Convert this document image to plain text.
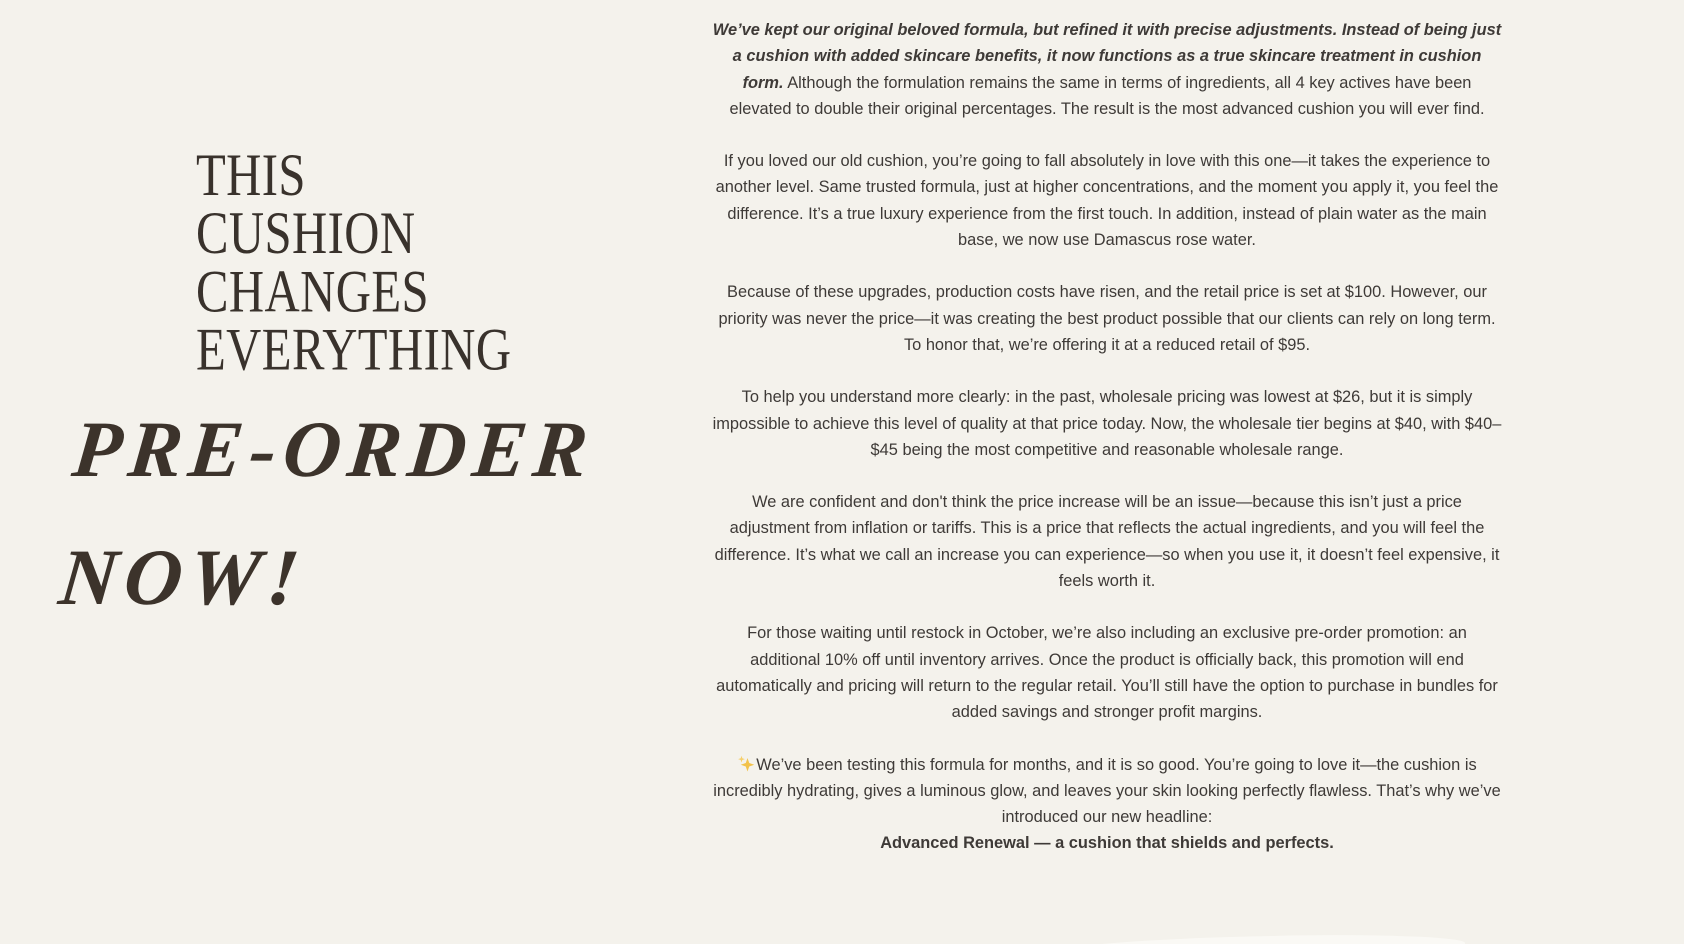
THIS
CUSHION
CHANGES
EVERYTHING
PRE-ORDER
NOW!

We’ve kept our original beloved formula, but refined it with precise adjustments. Instead of being just a cushion with added skincare benefits, it now functions as a true skincare treatment in cushion form. Although the formulation remains the same in terms of ingredients, all 4 key actives have been elevated to double their original percentages. The result is the most advanced cushion you will ever find.

If you loved our old cushion, you’re going to fall absolutely in love with this one—it takes the experience to another level. Same trusted formula, just at higher concentrations, and the moment you apply it, you feel the difference. It’s a true luxury experience from the first touch. In addition, instead of plain water as the main base, we now use Damascus rose water.

Because of these upgrades, production costs have risen, and the retail price is set at $100. However, our priority was never the price—it was creating the best product possible that our clients can rely on long term. To honor that, we’re offering it at a reduced retail of $95.

To help you understand more clearly: in the past, wholesale pricing was lowest at $26, but it is simply impossible to achieve this level of quality at that price today. Now, the wholesale tier begins at $40, with $40–$45 being the most competitive and reasonable wholesale range.

We are confident and don't think the price increase will be an issue—because this isn’t just a price adjustment from inflation or tariffs. This is a price that reflects the actual ingredients, and you will feel the difference. It’s what we call an increase you can experience—so when you use it, it doesn’t feel expensive, it feels worth it.

For those waiting until restock in October, we’re also including an exclusive pre-order promotion: an additional 10% off until inventory arrives. Once the product is officially back, this promotion will end automatically and pricing will return to the regular retail. You’ll still have the option to purchase in bundles for added savings and stronger profit margins.

We’ve been testing this formula for months, and it is so good. You’re going to love it—the cushion is incredibly hydrating, gives a luminous glow, and leaves your skin looking perfectly flawless. That’s why we’ve introduced our new headline:
Advanced Renewal — a cushion that shields and perfects.
